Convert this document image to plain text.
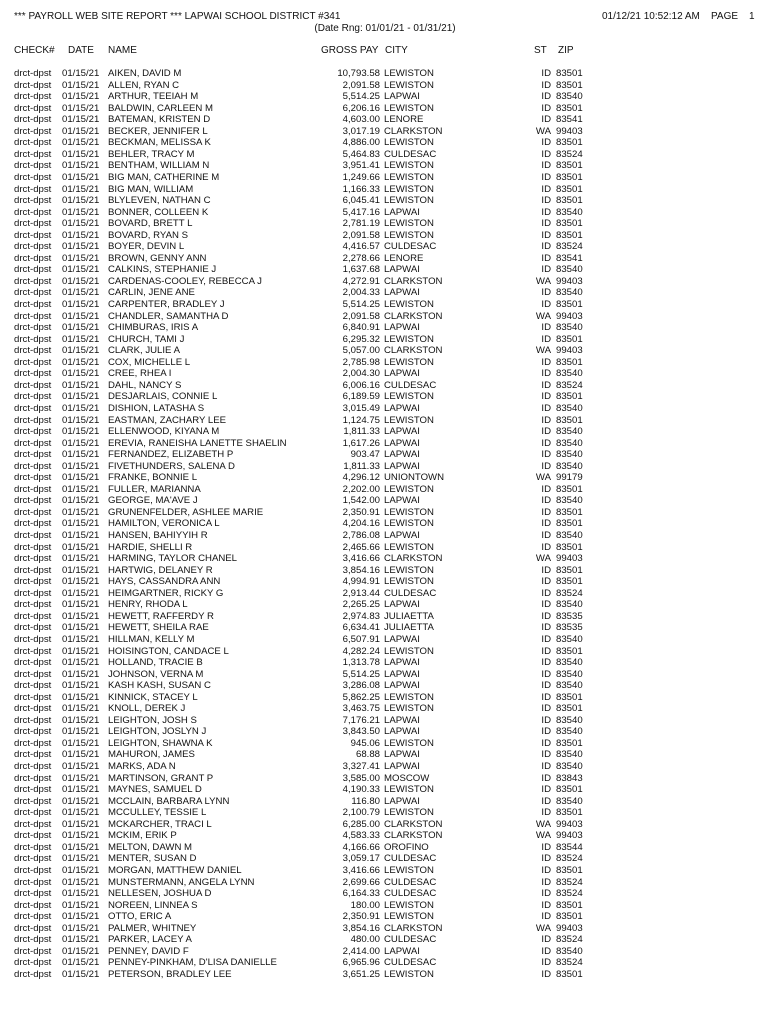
*** PAYROLL WEB SITE REPORT *** LAPWAI SCHOOL DISTRICT #341
(Date Rng: 01/01/21 - 01/31/21)
01/12/21 10:52:12 AM PAGE 1
CHECK# DATE NAME	GROSS PAY CITY	ST ZIP
drct-dpst 01/15/21 AIKEN, DAVID M	10,793.58 LEWISTON	ID 83501
drct-dpst 01/15/21 ALLEN, RYAN C	2,091.58 LEWISTON	ID 83501
drct-dpst 01/15/21 ARTHUR, TEEIAH M	5,514.25 LAPWAI	ID 83540
drct-dpst 01/15/21 BALDWIN, CARLEEN M	6,206.16 LEWISTON	ID 83501
drct-dpst 01/15/21 BATEMAN, KRISTEN D	4,603.00 LENORE	ID 83541
drct-dpst 01/15/21 BECKER, JENNIFER L	3,017.19 CLARKSTON	WA 99403
drct-dpst 01/15/21 BECKMAN, MELISSA K	4,886.00 LEWISTON	ID 83501
drct-dpst 01/15/21 BEHLER, TRACY M	5,464.83 CULDESAC	ID 83524
drct-dpst 01/15/21 BENTHAM, WILLIAM N	3,951.41 LEWISTON	ID 83501
drct-dpst 01/15/21 BIG MAN, CATHERINE M	1,249.66 LEWISTON	ID 83501
drct-dpst 01/15/21 BIG MAN, WILLIAM	1,166.33 LEWISTON	ID 83501
drct-dpst 01/15/21 BLYLEVEN, NATHAN C	6,045.41 LEWISTON	ID 83501
drct-dpst 01/15/21 BONNER, COLLEEN K	5,417.16 LAPWAI	ID 83540
drct-dpst 01/15/21 BOVARD, BRETT L	2,781.19 LEWISTON	ID 83501
drct-dpst 01/15/21 BOVARD, RYAN S	2,091.58 LEWISTON	ID 83501
drct-dpst 01/15/21 BOYER, DEVIN L	4,416.57 CULDESAC	ID 83524
drct-dpst 01/15/21 BROWN, GENNY ANN	2,278.66 LENORE	ID 83541
drct-dpst 01/15/21 CALKINS, STEPHANIE J	1,637.68 LAPWAI	ID 83540
drct-dpst 01/15/21 CARDENAS-COOLEY, REBECCA J	4,272.91 CLARKSTON	WA 99403
drct-dpst 01/15/21 CARLIN, JENE ANE	2,004.33 LAPWAI	ID 83540
drct-dpst 01/15/21 CARPENTER, BRADLEY J	5,514.25 LEWISTON	ID 83501
drct-dpst 01/15/21 CHANDLER, SAMANTHA D	2,091.58 CLARKSTON	WA 99403
drct-dpst 01/15/21 CHIMBURAS, IRIS A	6,840.91 LAPWAI	ID 83540
drct-dpst 01/15/21 CHURCH, TAMI J	6,295.32 LEWISTON	ID 83501
drct-dpst 01/15/21 CLARK, JULIE A	5,057.00 CLARKSTON	WA 99403
drct-dpst 01/15/21 COX, MICHELLE L	2,785.98 LEWISTON	ID 83501
drct-dpst 01/15/21 CREE, RHEA I	2,004.30 LAPWAI	ID 83540
drct-dpst 01/15/21 DAHL, NANCY S	6,006.16 CULDESAC	ID 83524
drct-dpst 01/15/21 DESJARLAIS, CONNIE L	6,189.59 LEWISTON	ID 83501
drct-dpst 01/15/21 DISHION, LATASHA S	3,015.49 LAPWAI	ID 83540
drct-dpst 01/15/21 EASTMAN, ZACHARY LEE	1,124.75 LEWISTON	ID 83501
drct-dpst 01/15/21 ELLENWOOD, KIYANA M	1,811.33 LAPWAI	ID 83540
drct-dpst 01/15/21 EREVIA, RANEISHA LANETTE SHAELIN	1,617.26 LAPWAI	ID 83540
drct-dpst 01/15/21 FERNANDEZ, ELIZABETH P	903.47 LAPWAI	ID 83540
drct-dpst 01/15/21 FIVETHUNDERS, SALENA D	1,811.33 LAPWAI	ID 83540
drct-dpst 01/15/21 FRANKE, BONNIE L	4,296.12 UNIONTOWN	WA 99179
drct-dpst 01/15/21 FULLER, MARIANNA	2,202.00 LEWISTON	ID 83501
drct-dpst 01/15/21 GEORGE, MA'AVE J	1,542.00 LAPWAI	ID 83540
drct-dpst 01/15/21 GRUNENFELDER, ASHLEE MARIE	2,350.91 LEWISTON	ID 83501
drct-dpst 01/15/21 HAMILTON, VERONICA L	4,204.16 LEWISTON	ID 83501
drct-dpst 01/15/21 HANSEN, BAHIYYIH R	2,786.08 LAPWAI	ID 83540
drct-dpst 01/15/21 HARDIE, SHELLI R	2,465.66 LEWISTON	ID 83501
drct-dpst 01/15/21 HARMING, TAYLOR CHANEL	3,416.66 CLARKSTON	WA 99403
drct-dpst 01/15/21 HARTWIG, DELANEY R	3,854.16 LEWISTON	ID 83501
drct-dpst 01/15/21 HAYS, CASSANDRA ANN	4,994.91 LEWISTON	ID 83501
drct-dpst 01/15/21 HEIMGARTNER, RICKY G	2,913.44 CULDESAC	ID 83524
drct-dpst 01/15/21 HENRY, RHODA L	2,265.25 LAPWAI	ID 83540
drct-dpst 01/15/21 HEWETT, RAFFERDY R	2,974.83 JULIAETTA	ID 83535
drct-dpst 01/15/21 HEWETT, SHEILA RAE	6,634.41 JULIAETTA	ID 83535
drct-dpst 01/15/21 HILLMAN, KELLY M	6,507.91 LAPWAI	ID 83540
drct-dpst 01/15/21 HOISINGTON, CANDACE L	4,282.24 LEWISTON	ID 83501
drct-dpst 01/15/21 HOLLAND, TRACIE B	1,313.78 LAPWAI	ID 83540
drct-dpst 01/15/21 JOHNSON, VERNA M	5,514.25 LAPWAI	ID 83540
drct-dpst 01/15/21 KASH KASH, SUSAN C	3,286.08 LAPWAI	ID 83540
drct-dpst 01/15/21 KINNICK, STACEY L	5,862.25 LEWISTON	ID 83501
drct-dpst 01/15/21 KNOLL, DEREK J	3,463.75 LEWISTON	ID 83501
drct-dpst 01/15/21 LEIGHTON, JOSH S	7,176.21 LAPWAI	ID 83540
drct-dpst 01/15/21 LEIGHTON, JOSLYN J	3,843.50 LAPWAI	ID 83540
drct-dpst 01/15/21 LEIGHTON, SHAWNA K	945.06 LEWISTON	ID 83501
drct-dpst 01/15/21 MAHURON, JAMES	68.88 LAPWAI	ID 83540
drct-dpst 01/15/21 MARKS, ADA N	3,327.41 LAPWAI	ID 83540
drct-dpst 01/15/21 MARTINSON, GRANT P	3,585.00 MOSCOW	ID 83843
drct-dpst 01/15/21 MAYNES, SAMUEL D	4,190.33 LEWISTON	ID 83501
drct-dpst 01/15/21 MCCLAIN, BARBARA LYNN	116.80 LAPWAI	ID 83540
drct-dpst 01/15/21 MCCULLEY, TESSIE L	2,100.79 LEWISTON	ID 83501
drct-dpst 01/15/21 MCKARCHER, TRACI L	6,285.00 CLARKSTON	WA 99403
drct-dpst 01/15/21 MCKIM, ERIK P	4,583.33 CLARKSTON	WA 99403
drct-dpst 01/15/21 MELTON, DAWN M	4,166.66 OROFINO	ID 83544
drct-dpst 01/15/21 MENTER, SUSAN D	3,059.17 CULDESAC	ID 83524
drct-dpst 01/15/21 MORGAN, MATTHEW DANIEL	3,416.66 LEWISTON	ID 83501
drct-dpst 01/15/21 MUNSTERMANN, ANGELA LYNN	2,699.66 CULDESAC	ID 83524
drct-dpst 01/15/21 NELLESEN, JOSHUA D	6,164.33 CULDESAC	ID 83524
drct-dpst 01/15/21 NOREEN, LINNEA S	180.00 LEWISTON	ID 83501
drct-dpst 01/15/21 OTTO, ERIC A	2,350.91 LEWISTON	ID 83501
drct-dpst 01/15/21 PALMER, WHITNEY	3,854.16 CLARKSTON	WA 99403
drct-dpst 01/15/21 PARKER, LACEY A	480.00 CULDESAC	ID 83524
drct-dpst 01/15/21 PENNEY, DAVID F	2,414.00 LAPWAI	ID 83540
drct-dpst 01/15/21 PENNEY-PINKHAM, D'LISA DANIELLE	6,965.96 CULDESAC	ID 83524
drct-dpst 01/15/21 PETERSON, BRADLEY LEE	3,651.25 LEWISTON	ID 83501
